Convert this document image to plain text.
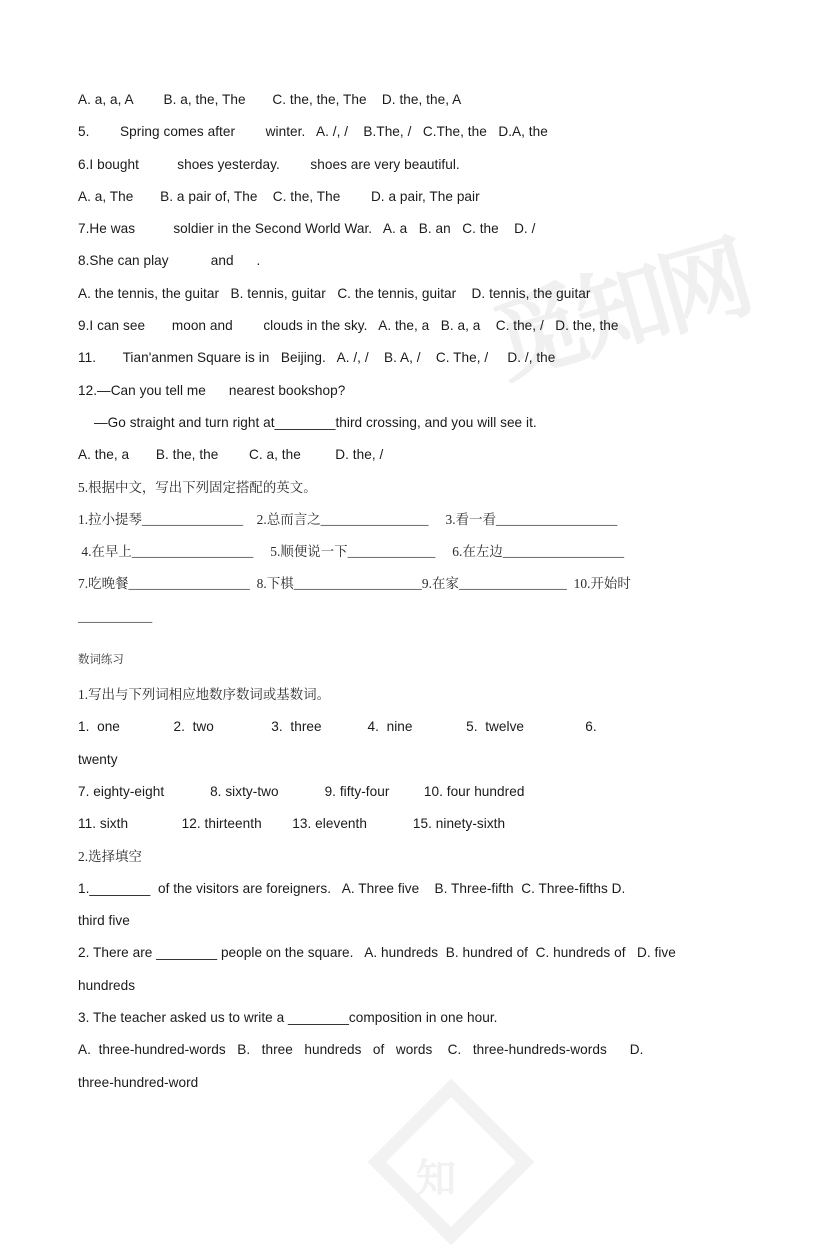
觅知网
知
A. a, a, A        B. a, the, The       C. the, the, The    D. the, the, A
5.        Spring comes after        winter.   A. /, /    B.The, /   C.The, the   D.A, the
6.I bought          shoes yesterday.        shoes are very beautiful.
A. a, The       B. a pair of, The    C. the, The        D. a pair, The pair
7.He was          soldier in the Second World War.   A. a   B. an   C. the    D. /
8.She can play           and      .
A. the tennis, the guitar   B. tennis, guitar   C. the tennis, guitar    D. tennis, the guitar
9.I can see       moon and        clouds in the sky.   A. the, a   B. a, a    C. the, /   D. the, the
11.       Tian'anmen Square is in   Beijing.   A. /, /    B. A, /    C. The, /     D. /, the
12.—Can you tell me      nearest bookshop?
—Go straight and turn right at________third crossing, and you will see it.
A. the, a       B. the, the        C. a, the         D. the, /
5.根据中文，写出下列固定搭配的英文。
1.拉小提琴_______________    2.总而言之________________     3.看一看__________________
4.在早上__________________     5.顺便说一下_____________     6.在左边__________________
7.吃晚餐__________________  8.下棋___________________9.在家________________  10.开始时
___________
数词练习
1.写出与下列词相应地数序数词或基数词。
1.  one              2.  two               3.  three            4.  nine              5.  twelve                6.
twenty
7. eighty-eight            8. sixty-two            9. fifty-four         10. four hundred
11. sixth              12. thirteenth        13. eleventh            15. ninety-sixth
2.选择填空
1.________  of the visitors are foreigners.   A. Three five    B. Three-fifth  C. Three-fifths D.
third five
2. There are ________ people on the square.   A. hundreds  B. hundred of  C. hundreds of   D. five
hundreds
3. The teacher asked us to write a ________composition in one hour.
A.  three-hundred-words   B.   three   hundreds   of   words    C.   three-hundreds-words      D.
three-hundred-word
